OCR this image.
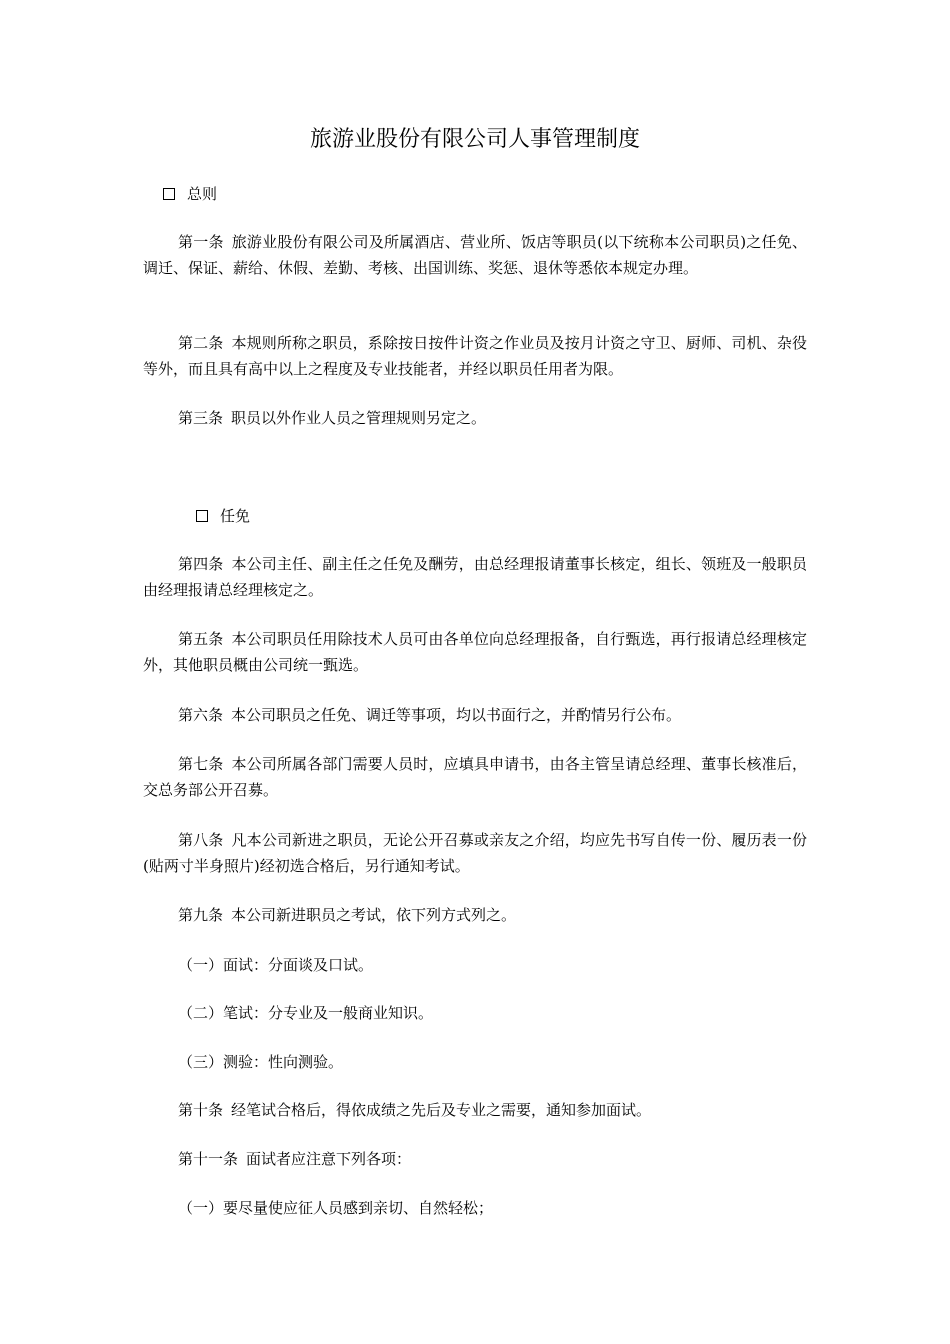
旅游业股份有限公司人事管理制度
总则
第一条 旅游业股份有限公司及所属酒店、营业所、饭店等职员(以下统称本公司职员)之任免、调迁、保证、薪给、休假、差勤、考核、出国训练、奖惩、退休等悉依本规定办理。
第二条 本规则所称之职员，系除按日按件计资之作业员及按月计资之守卫、厨师、司机、杂役等外，而且具有高中以上之程度及专业技能者，并经以职员任用者为限。
第三条 职员以外作业人员之管理规则另定之。
任免
第四条 本公司主任、副主任之任免及酬劳，由总经理报请董事长核定，组长、领班及一般职员由经理报请总经理核定之。
第五条 本公司职员任用除技术人员可由各单位向总经理报备，自行甄选，再行报请总经理核定外，其他职员概由公司统一甄选。
第六条 本公司职员之任免、调迁等事项，均以书面行之，并酌情另行公布。
第七条 本公司所属各部门需要人员时，应填具申请书，由各主管呈请总经理、董事长核准后，交总务部公开召募。
第八条 凡本公司新进之职员，无论公开召募或亲友之介绍，均应先书写自传一份、履历表一份(贴两寸半身照片)经初选合格后，另行通知考试。
第九条 本公司新进职员之考试，依下列方式列之。
（一）面试：分面谈及口试。
（二）笔试：分专业及一般商业知识。
（三）测验：性向测验。
第十条 经笔试合格后，得依成绩之先后及专业之需要，通知参加面试。
第十一条 面试者应注意下列各项：
（一）要尽量使应征人员感到亲切、自然轻松；
